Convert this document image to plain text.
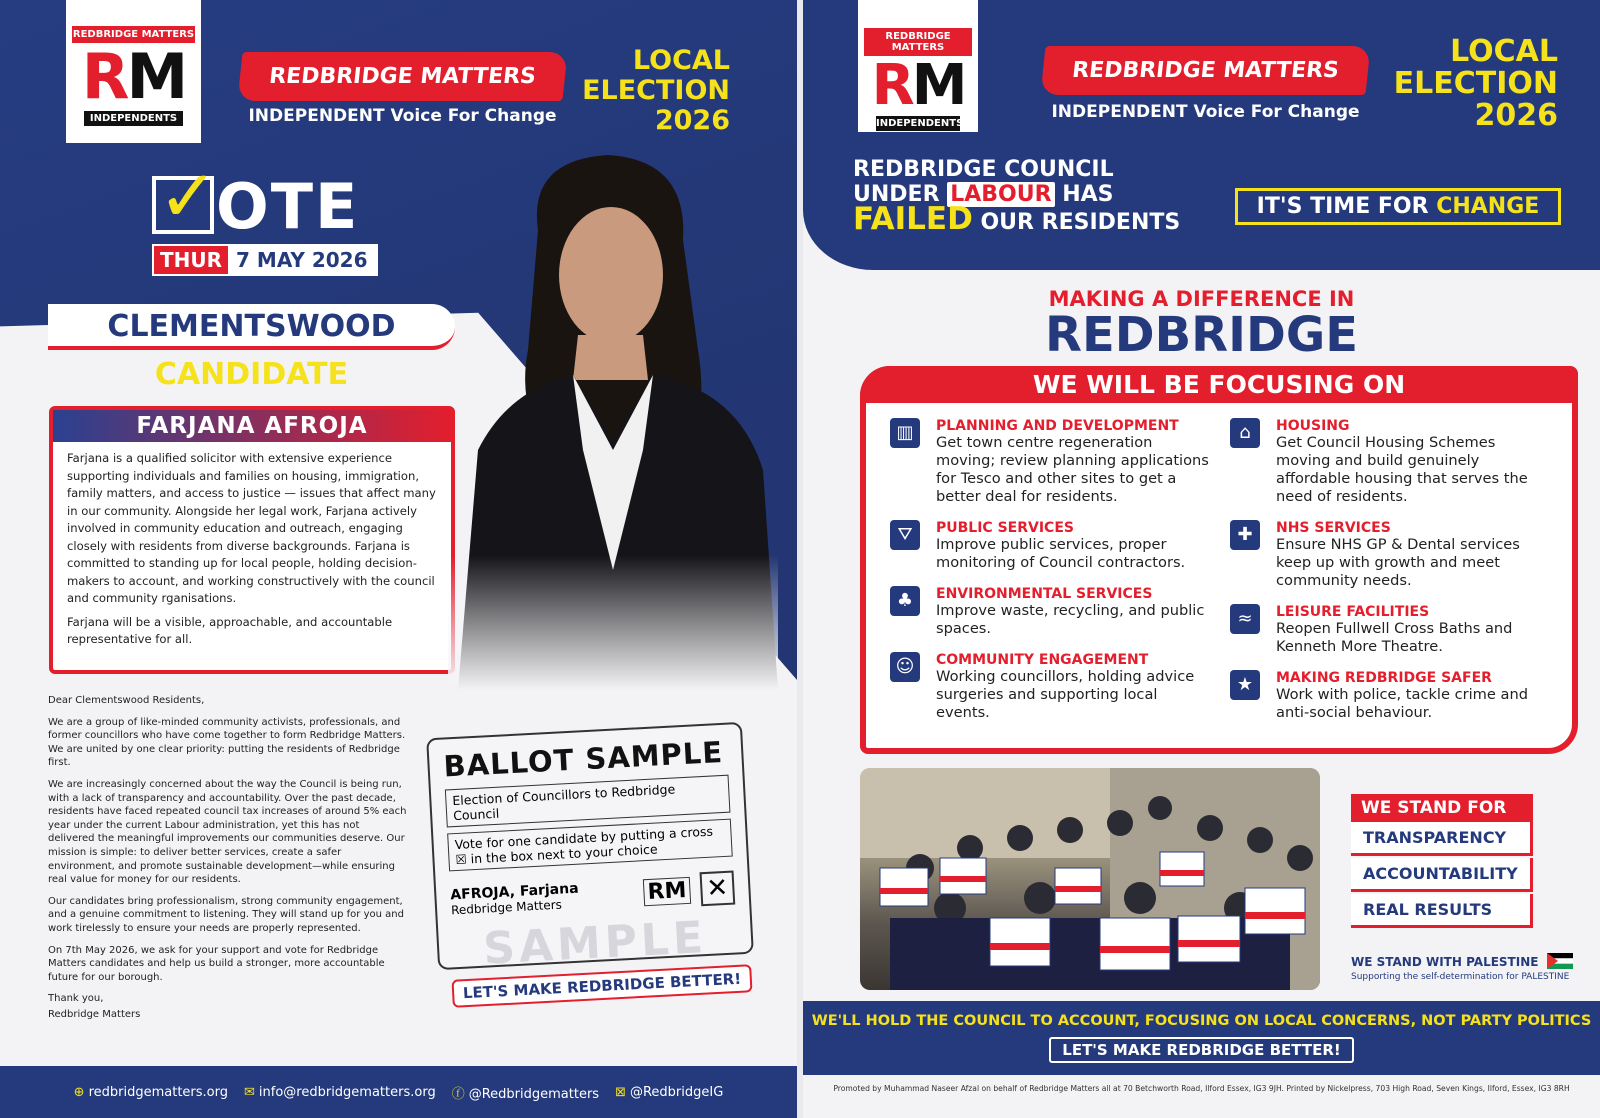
REDBRIDGE MATTERS
RM
INDEPENDENTS
REDBRIDGE MATTERS
INDEPENDENT Voice For Change
LOCAL
ELECTION
2026
✓OTE
THUR 7 MAY 2026
CLEMENTSWOOD
CANDIDATE
FARJANA AFROJA

Farjana is a qualified solicitor with extensive experience supporting individuals and families on housing, immigration, family matters, and access to justice — issues that affect many in our community. Alongside her legal work, Farjana actively involved in community education and outreach, engaging closely with residents from diverse backgrounds. Farjana is committed to standing up for local people, holding decision-makers to account, and working constructively with the council and community rganisations.

Farjana will be a visible, approachable, and accountable representative for all.

Dear Clementswood Residents,

We are a group of like-minded community activists, professionals, and former councillors who have come together to form Redbridge Matters. We are united by one clear priority: putting the residents of Redbridge first.

We are increasingly concerned about the way the Council is being run, with a lack of transparency and accountability. Over the past decade, residents have faced repeated council tax increases of around 5% each year under the current Labour administration, yet this has not delivered the meaningful improvements our communities deserve. Our mission is simple: to deliver better services, create a safer environment, and promote sustainable development—while ensuring real value for money for our residents.

Our candidates bring professionalism, strong community engagement, and a genuine commitment to listening. They will stand up for you and work tirelessly to ensure your needs are properly represented.

On 7th May 2026, we ask for your support and vote for Redbridge Matters candidates and help us build a stronger, more accountable future for our borough.

Thank you,

Redbridge Matters

BALLOT SAMPLE
Election of Councillors to Redbridge Council
Vote for one candidate by putting a cross ☒ in the box next to your choice
AFROJA, Farjana
Redbridge Matters
RM ✕
SAMPLE
LET'S MAKE REDBRIDGE BETTER!
⊕ redbridgematters.org ✉ info@redbridgematters.org ⓕ @Redbridgematters ⊠ @RedbridgeIG
REDBRIDGE MATTERS
RM
INDEPENDENTS
REDBRIDGE MATTERS
INDEPENDENT Voice For Change
LOCAL
ELECTION
2026
REDBRIDGE COUNCIL
UNDER LABOUR HAS
FAILED OUR RESIDENTS
IT'S TIME FOR CHANGE
MAKING A DIFFERENCE IN
REDBRIDGE
WE WILL BE FOCUSING ON
▥	PLANNING AND DEVELOPMENT
Get town centre regeneration moving; review planning applications for Tesco and other sites to get a better deal for residents.
⛛	PUBLIC SERVICES
Improve public services, proper monitoring of Council contractors.
♣	ENVIRONMENTAL SERVICES
Improve waste, recycling, and public spaces.
☺	COMMUNITY ENGAGEMENT
Working councillors, holding advice surgeries and supporting local events.
⌂	HOUSING
Get Council Housing Schemes moving and build genuinely affordable housing that serves the need of residents.
✚	NHS SERVICES
Ensure NHS GP & Dental services keep up with growth and meet community needs.
≈	LEISURE FACILITIES
Reopen Fullwell Cross Baths and Kenneth More Theatre.
★	MAKING REDBRIDGE SAFER
Work with police, tackle crime and anti-social behaviour.
WE STAND FOR
TRANSPARENCY
ACCOUNTABILITY
REAL RESULTS
WE STAND WITH PALESTINE
Supporting the self-determination for PALESTINE
WE'LL HOLD THE COUNCIL TO ACCOUNT, FOCUSING ON LOCAL CONCERNS, NOT PARTY POLITICS
LET'S MAKE REDBRIDGE BETTER!
Promoted by Muhammad Naseer Afzal on behalf of Redbridge Matters all at 70 Betchworth Road, Ilford Essex, IG3 9JH. Printed by Nickelpress, 703 High Road, Seven Kings, Ilford, Essex, IG3 8RH
